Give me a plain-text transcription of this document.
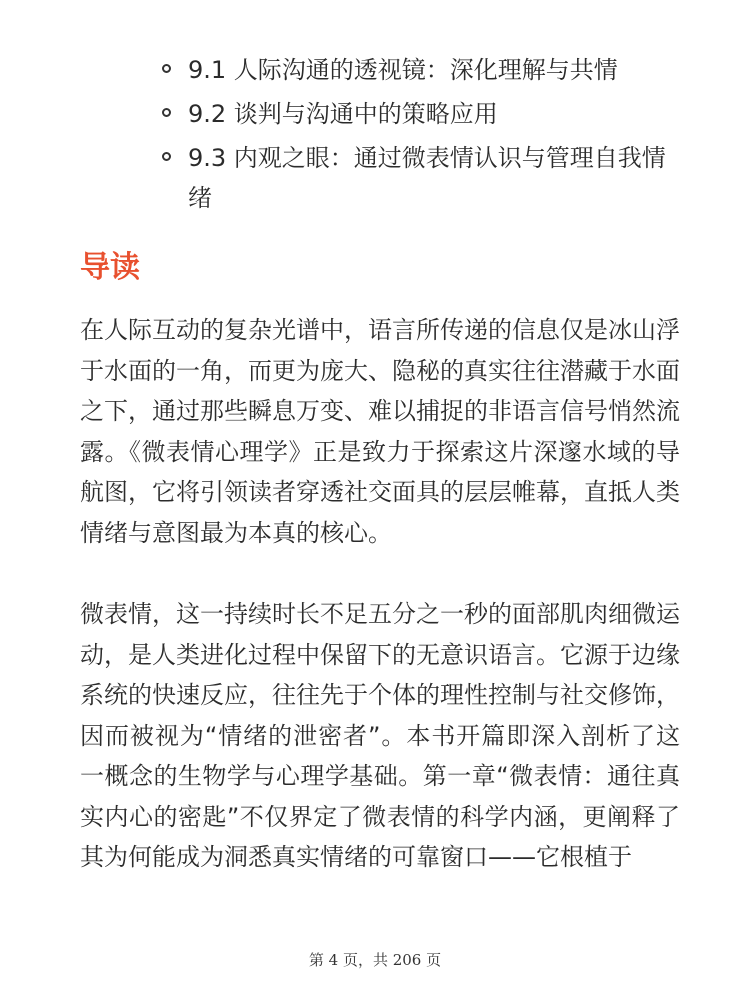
9.1 人际沟通的透视镜：深化理解与共情
9.2 谈判与沟通中的策略应用
9.3 内观之眼：通过微表情认识与管理自我情绪
导读

在人际互动的复杂光谱中，语言所传递的信息仅是冰山浮于水面的一角，而更为庞大、隐秘的真实往往潜藏于水面之下，通过那些瞬息万变、难以捕捉的非语言信号悄然流露。《微表情心理学》正是致力于探索这片深邃水域的导航图，它将引领读者穿透社交面具的层层帷幕，直抵人类情绪与意图最为本真的核心。

微表情，这一持续时长不足五分之一秒的面部肌肉细微运动，是人类进化过程中保留下的无意识语言。它源于边缘系统的快速反应，往往先于个体的理性控制与社交修饰，因而被视为“情绪的泄密者”。本书开篇即深入剖析了这一概念的生物学与心理学基础。第一章“微表情：通往真实内心的密匙”不仅界定了微表情的科学内涵，更阐释了其为何能成为洞悉真实情绪的可靠窗口——它根植于

第 4 页，共 206 页
